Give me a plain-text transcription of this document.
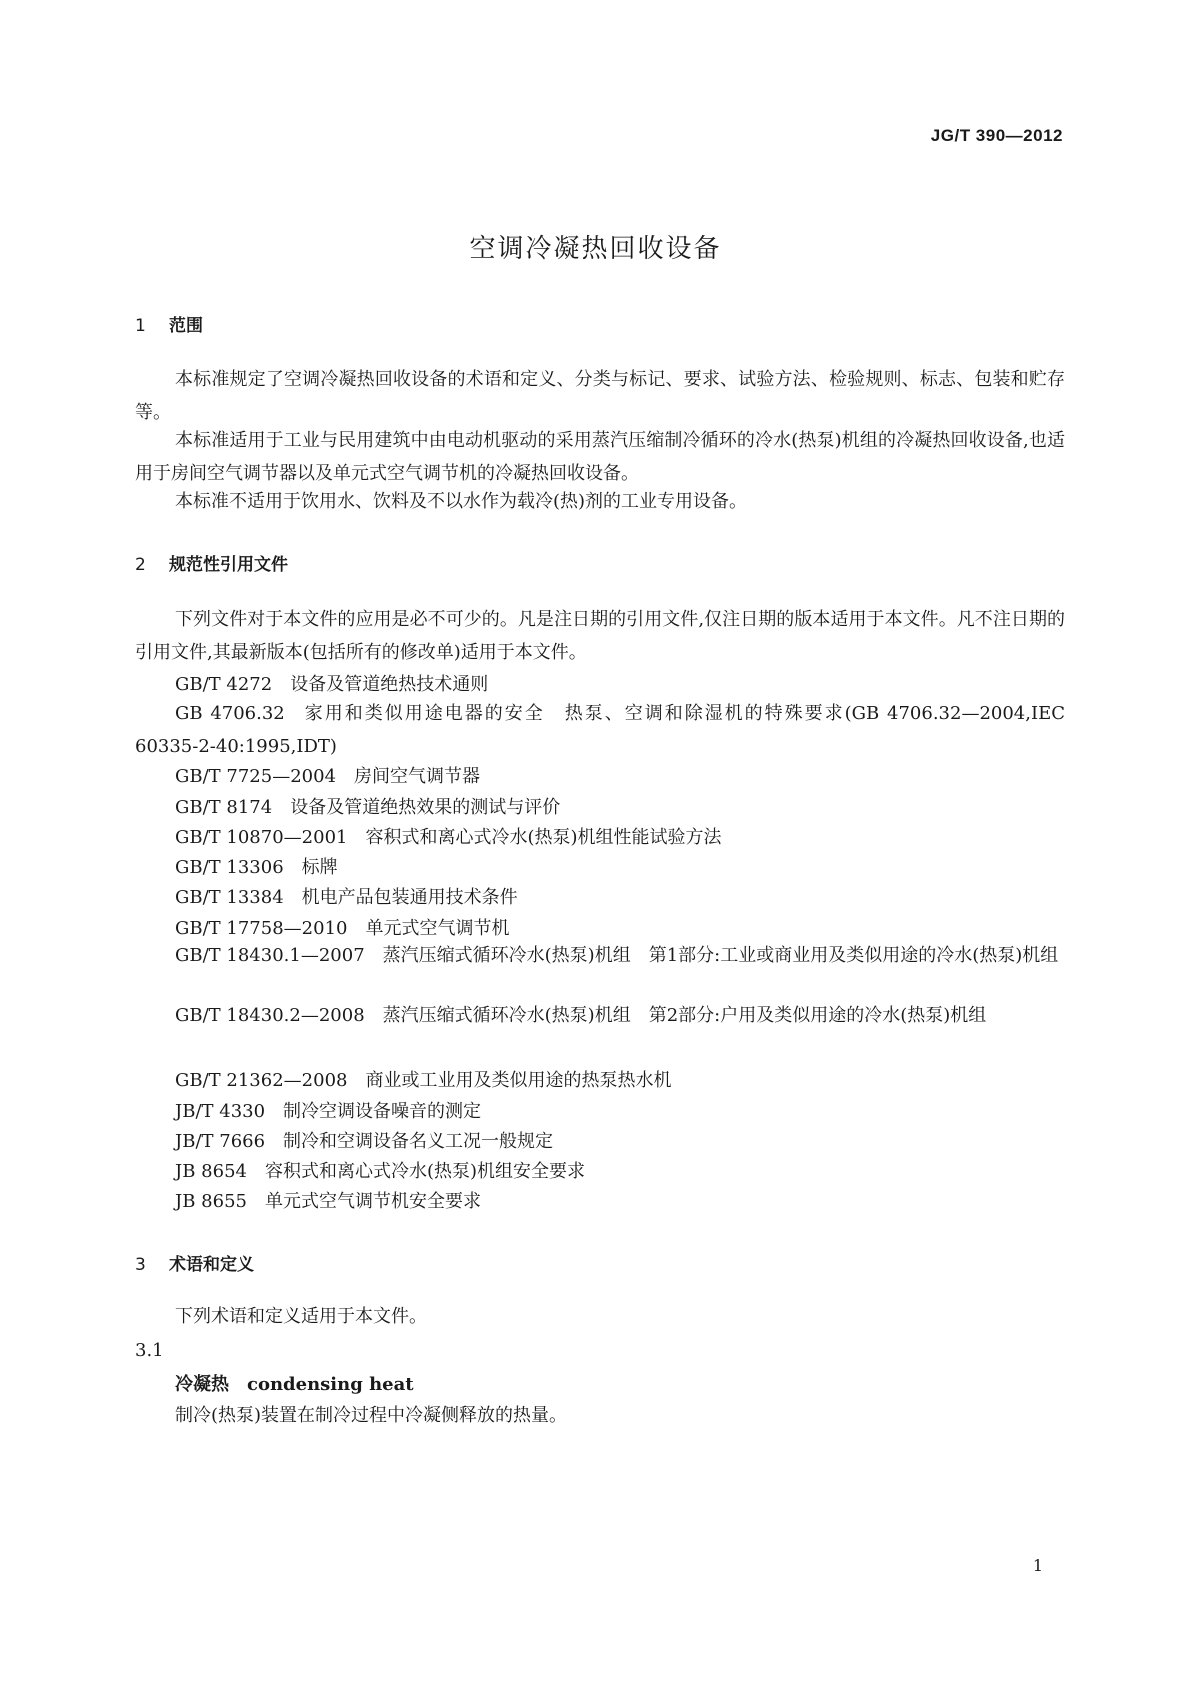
JG/T 390—2012
空调冷凝热回收设备
1 范围

本标准规定了空调冷凝热回收设备的术语和定义、分类与标记、要求、试验方法、检验规则、标志、包装和贮存等。

本标准适用于工业与民用建筑中由电动机驱动的采用蒸汽压缩制冷循环的冷水(热泵)机组的冷凝热回收设备,也适用于房间空气调节器以及单元式空气调节机的冷凝热回收设备。

本标准不适用于饮用水、饮料及不以水作为载冷(热)剂的工业专用设备。

2 规范性引用文件

下列文件对于本文件的应用是必不可少的。凡是注日期的引用文件,仅注日期的版本适用于本文件。凡不注日期的引用文件,其最新版本(包括所有的修改单)适用于本文件。

GB/T 4272 设备及管道绝热技术通则

GB 4706.32 家用和类似用途电器的安全　热泵、空调和除湿机的特殊要求(GB 4706.32—2004,IEC 60335-2-40:1995,IDT)

GB/T 7725—2004 房间空气调节器
GB/T 8174 设备及管道绝热效果的测试与评价
GB/T 10870—2001 容积式和离心式冷水(热泵)机组性能试验方法
GB/T 13306 标牌
GB/T 13384 机电产品包装通用技术条件
GB/T 17758—2010 单元式空气调节机

GB/T 18430.1—2007 蒸汽压缩式循环冷水(热泵)机组　第1部分:工业或商业用及类似用途的冷水(热泵)机组

GB/T 18430.2—2008 蒸汽压缩式循环冷水(热泵)机组　第2部分:户用及类似用途的冷水(热泵)机组

GB/T 21362—2008 商业或工业用及类似用途的热泵热水机
JB/T 4330 制冷空调设备噪音的测定
JB/T 7666 制冷和空调设备名义工况一般规定
JB 8654 容积式和离心式冷水(热泵)机组安全要求
JB 8655 单元式空气调节机安全要求
3 术语和定义

下列术语和定义适用于本文件。

3.1
冷凝热 condensing heat
制冷(热泵)装置在制冷过程中冷凝侧释放的热量。
1
